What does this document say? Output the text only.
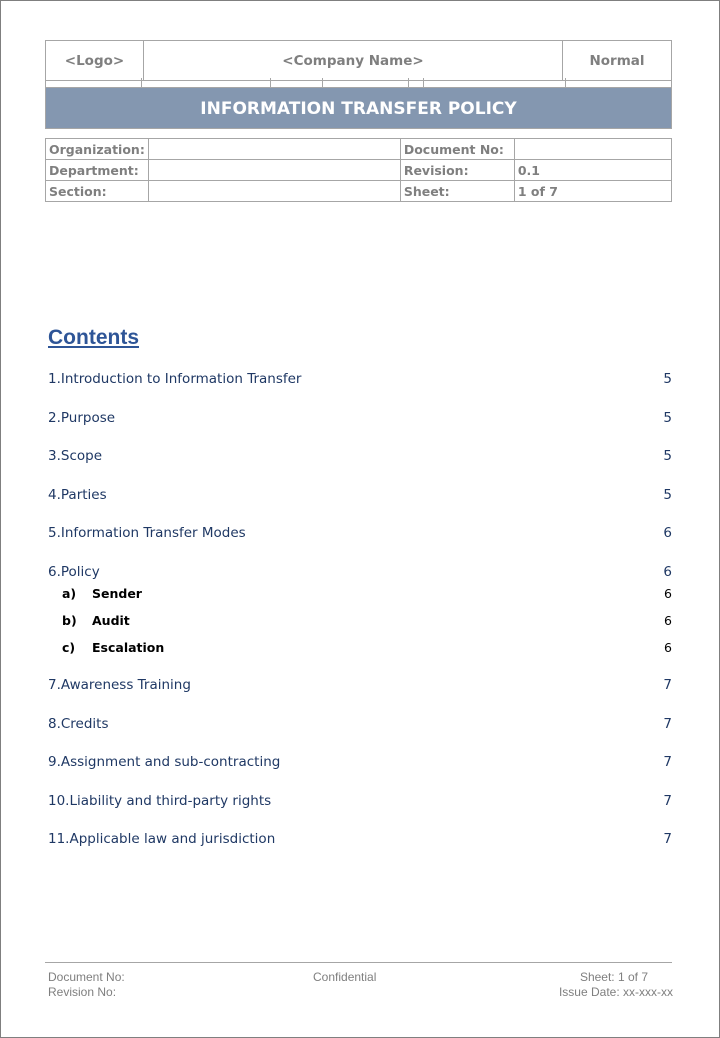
<Logo>	<Company Name>	Normal
INFORMATION TRANSFER POLICY
Organization:		Document No:	
Department:		Revision:	0.1
Section:		Sheet:	1 of 7
Contents
1.Introduction to Information Transfer	5
2.Purpose	5
3.Scope	5
4.Parties	5
5.Information Transfer Modes	6
6.Policy	6
a) Sender	6
b) Audit	6
c) Escalation	6
7.Awareness Training	7
8.Credits	7
9.Assignment and sub-contracting	7
10.Liability and third-party rights	7
11.Applicable law and jurisdiction	7
Document No:
Revision No:
Confidential	Sheet: 1 of 7
Issue Date: xx-xxx-xx
